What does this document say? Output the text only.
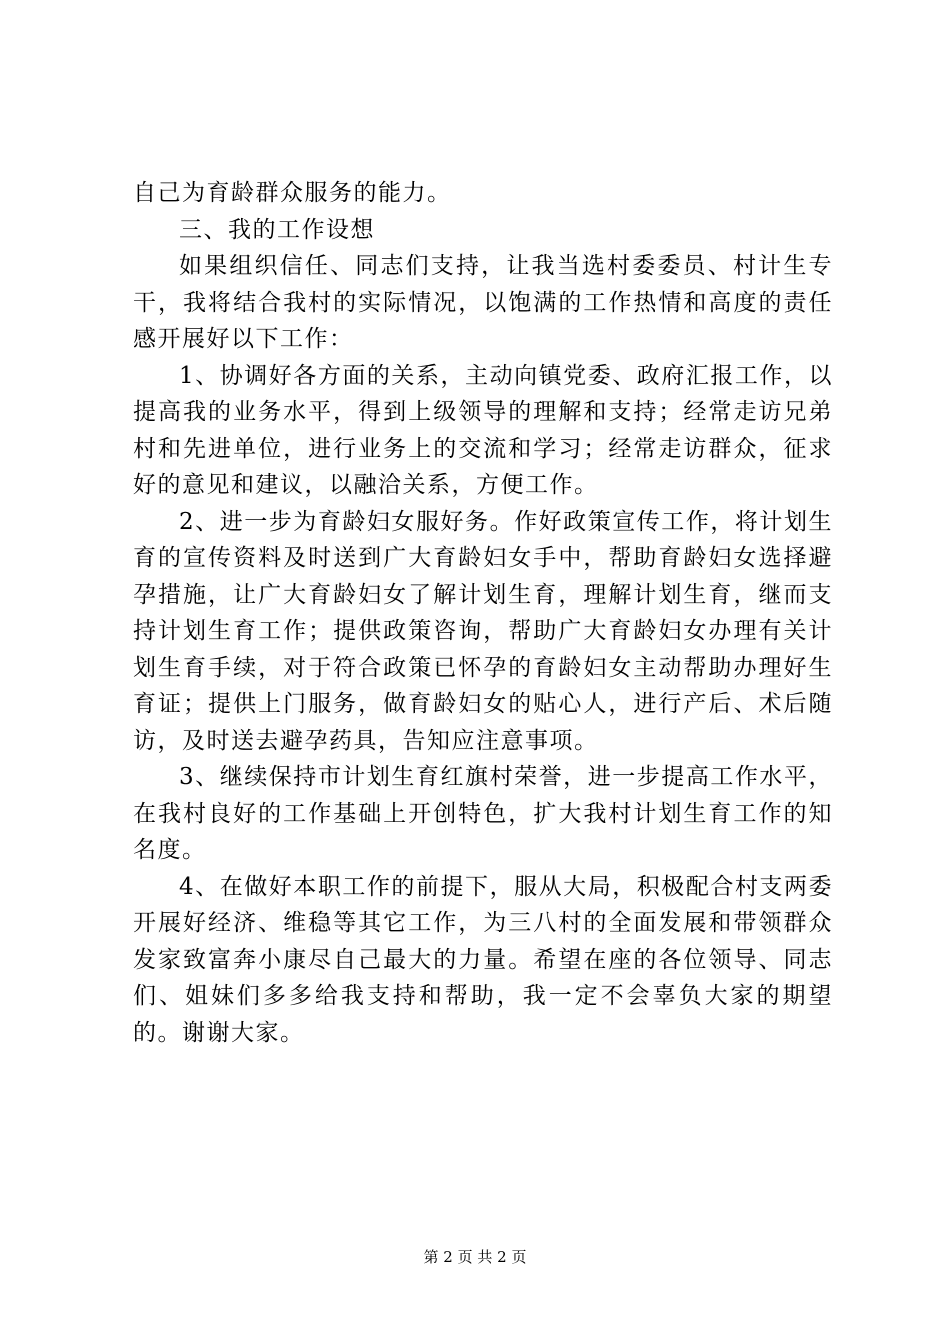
自己为育龄群众服务的能力。

三、我的工作设想

如果组织信任、同志们支持，让我当选村委委员、村计生专干，我将结合我村的实际情况，以饱满的工作热情和高度的责任感开展好以下工作：

1、协调好各方面的关系，主动向镇党委、政府汇报工作，以提高我的业务水平，得到上级领导的理解和支持；经常走访兄弟村和先进单位，进行业务上的交流和学习；经常走访群众，征求好的意见和建议，以融洽关系，方便工作。

2、进一步为育龄妇女服好务。作好政策宣传工作，将计划生育的宣传资料及时送到广大育龄妇女手中，帮助育龄妇女选择避孕措施，让广大育龄妇女了解计划生育，理解计划生育，继而支持计划生育工作；提供政策咨询，帮助广大育龄妇女办理有关计划生育手续，对于符合政策已怀孕的育龄妇女主动帮助办理好生育证；提供上门服务，做育龄妇女的贴心人，进行产后、术后随访，及时送去避孕药具，告知应注意事项。

3、继续保持市计划生育红旗村荣誉，进一步提高工作水平，在我村良好的工作基础上开创特色，扩大我村计划生育工作的知名度。

4、在做好本职工作的前提下，服从大局，积极配合村支两委开展好经济、维稳等其它工作，为三八村的全面发展和带领群众发家致富奔小康尽自己最大的力量。希望在座的各位领导、同志们、姐妹们多多给我支持和帮助，我一定不会辜负大家的期望的。谢谢大家。

第 2 页 共 2 页
